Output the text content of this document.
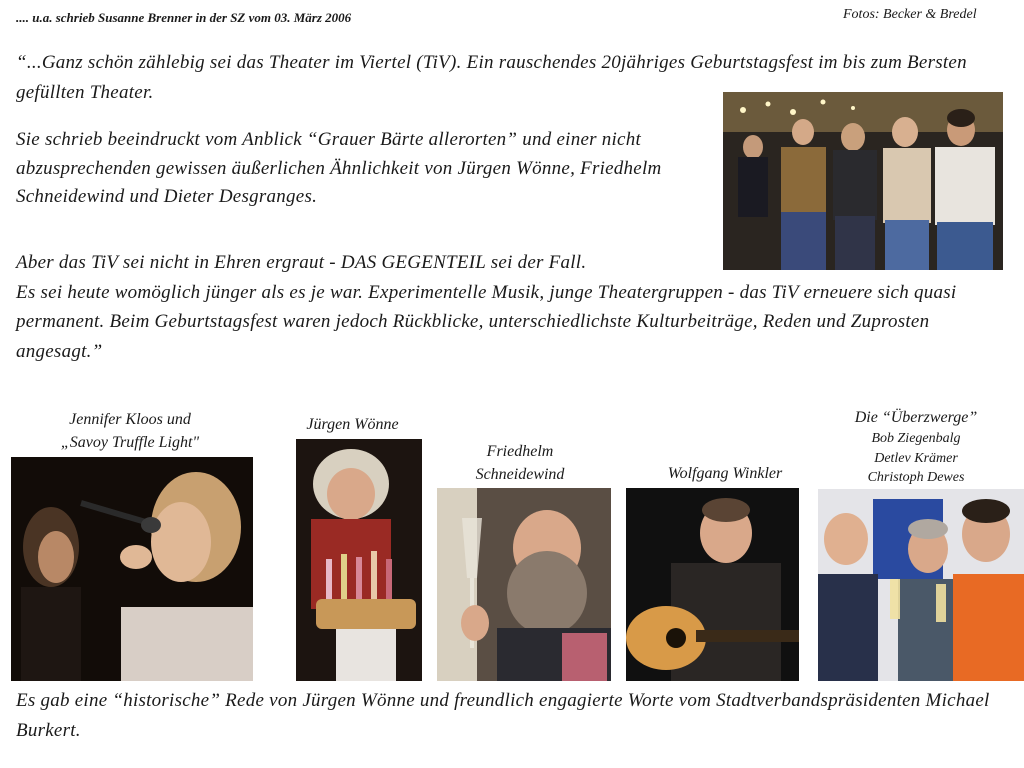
.... u.a. schrieb Susanne Brenner in der SZ vom 03. März 2006	Fotos: Becker & Bredel
“...Ganz schön zählebig sei das Theater im Viertel (TiV). Ein rauschendes 20jähriges Geburtstagsfest im bis zum Bersten gefüllten Theater.
Sie schrieb beeindruckt vom Anblick “Grauer Bärte allerorten” und einer nicht abzusprechenden gewissen äußerlichen Ähnlichkeit von Jürgen Wönne, Friedhelm Schneidewind und Dieter Desgranges.
Aber das TiV sei nicht in Ehren ergraut - DAS GEGENTEIL sei der Fall.
Es sei heute womöglich jünger als es je war. Experimentelle Musik, junge Theatergruppen - das TiV erneuere sich quasi permanent. Beim Geburtstagsfest waren jedoch Rückblicke, unterschiedlichste Kulturbeiträge, Reden und Zuprosten angesagt.”
Es gab eine “historische” Rede von Jürgen Wönne und freundlich engagierte Worte vom Stadtverbandspräsidenten Michael Burkert.
Jennifer Kloos und
„Savoy Truffle Light"
Jürgen Wönne
Friedhelm
Schneidewind	Wolfgang Winkler
Die “Überzwerge”
Bob Ziegenbalg
Detlev Krämer
Christoph Dewes
